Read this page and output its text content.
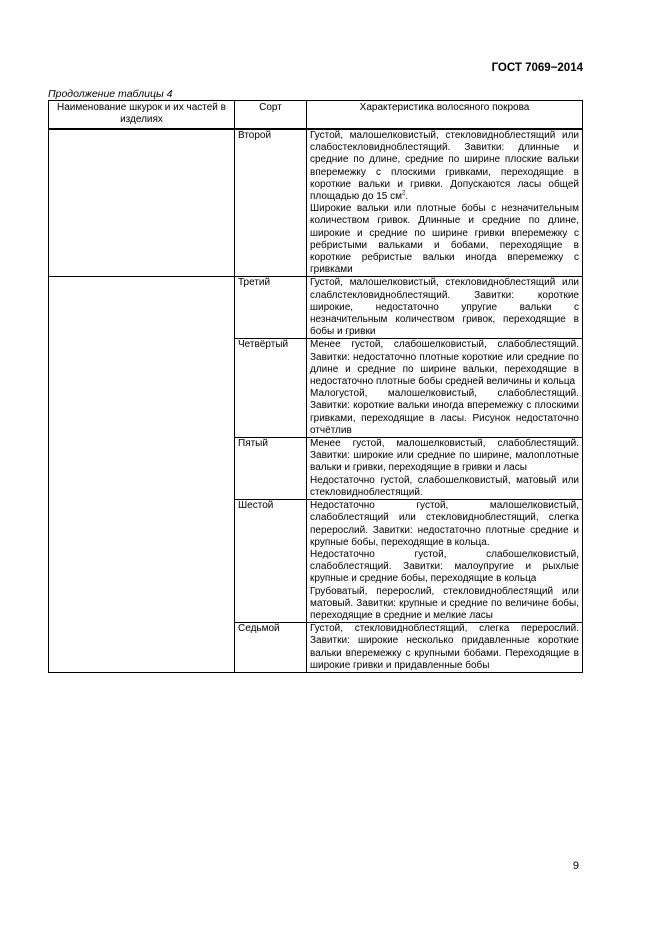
ГОСТ 7069−2014
Продолжение таблицы 4
Наименование шкурок и их частей в изделиях	Сорт	Характеристика волосяного покрова
	Второй	Густой, малошелковистый, стекловидноблестящий или слабостекловидноблестящий. Завитки: длинные и средние по длине, средние по ширине плоские вальки вперемежку с плоскими гривками, переходящие в короткие вальки и гривки. Допускаются ласы общей площадью до 15 $см^2$.
Широкие вальки или плотные бобы с незначительным количеством гривок. Длинные и средние по длине, широкие и средние по ширине гривки вперемежку с ребристыми вальками и бобами, переходящие в короткие ребристые вальки иногда вперемежку с гривками

	Третий	Густой, малошелковистый, стекловидноблестящий или слаблстекловидноблестящий. Завитки: короткие широкие, недостаточно упругие вальки с незначительным количеством гривок, переходящие в бобы и гривки

	Четвёртый	Менее густой, слабошелковистый, слабоблестящий. Завитки: недостаточно плотные короткие или средние по длине и средние по ширине вальки, переходящие в недостаточно плотные бобы средней величины и кольца
Малогустой, малошелковистый, слабоблестящий. Завитки: короткие вальки иногда вперемежку с плоскими гривками, переходящие в ласы. Рисунок недостаточно отчётлив

	Пятый	Менее густой, малошелковистый, слабоблестящий. Завитки: широкие или средние по ширине, малоплотные вальки и гривки, переходящие в гривки и ласы
Недостаточно густой, слабошелковистый, матовый или стекловидноблестящий.

	Шестой	Недостаточно густой, малошелковистый, слабоблестящий или стекловидноблестящий, слегка перерослий. Завитки: недостаточно плотные средние и крупные бобы, переходящие в кольца.
Недостаточно густой, слабошелковистый, слабоблестящий. Завитки: малоупругие и рыхлые крупные и средние бобы, переходящие в кольца
Грубоватый, перерослий, стекловидноблестящий или матовый. Завитки: крупные и средние по величине бобы, переходящие в средние и мелкие ласы

	Седьмой	Густой, стекловидноблестящий, слегка перерослий. Завитки: широкие несколько придавленные короткие вальки вперемежку с крупными бобами. Переходящие в широкие гривки и придавленные бобы
9
